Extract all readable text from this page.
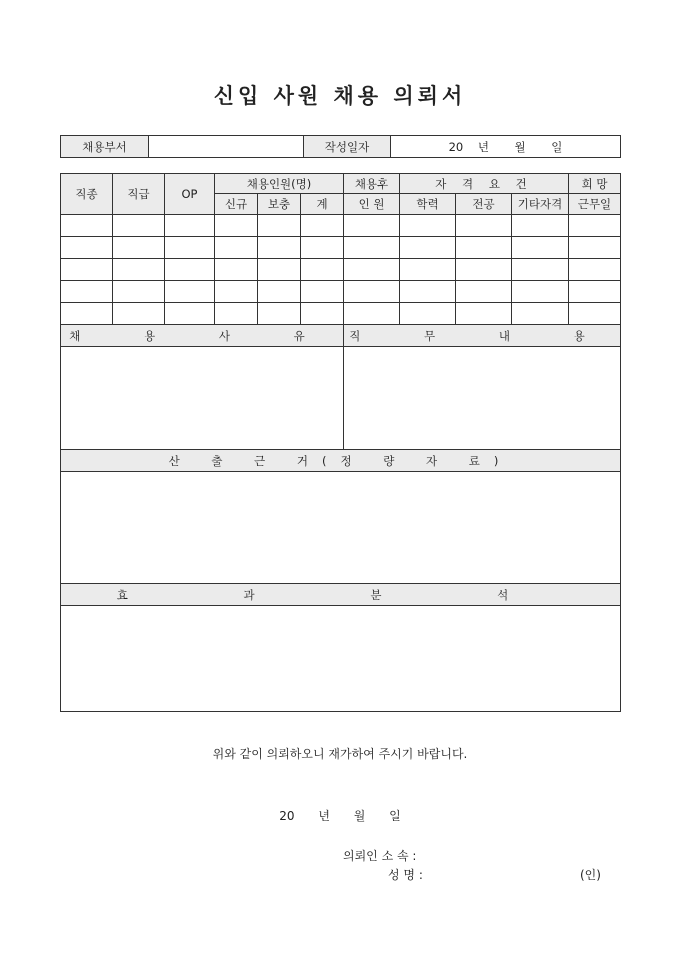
신입 사원 채용 의뢰서
채용부서		작성일자	20    년       월       일
직종	직급	OP	채용인원(명)			채용후	자 격 요 건			희 망
			신규	보충	계	인 원	학력	전공	기타자격	근무일

채 용 사 유						직 무 내 용				

산 출 근 거(정 량 자 료)										

효 과 분 석										

위와 같이 의뢰하오니 재가하여 주시기 바랍니다.
20 년 월 일
의뢰인 소 속 :
성 명 :	(인)
